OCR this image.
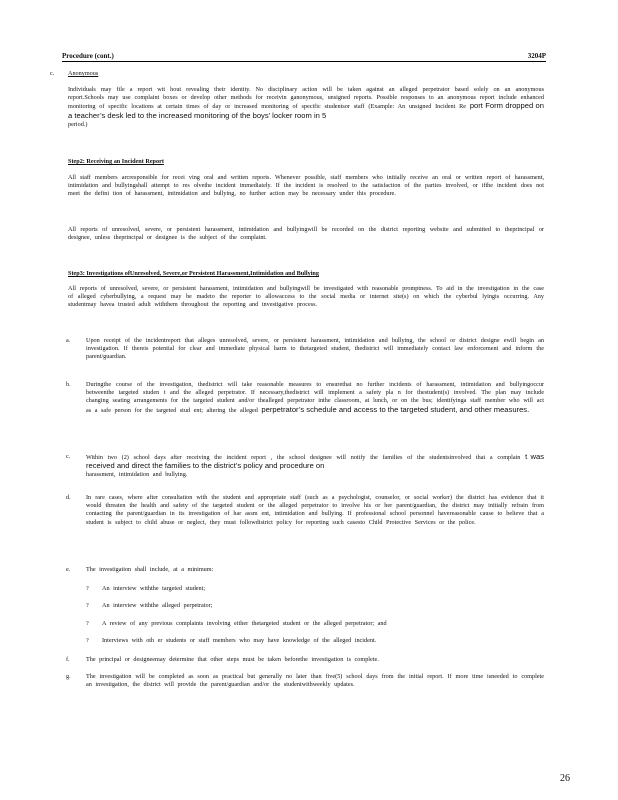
Procedure (cont.)	3204P
c. Anonymous
Individuals may file a report wit hout revealing their identity. No disciplinary action will be taken against an alleged perpetrator based solely on an anonymous report.Schools may use complaint boxes or develop other methods for receivin ganonymous, unsigned reports. Possible responses to an anonymous report include enhanced monitoring of specific locations at certain times of day or increased monitoring of specific studentsor staff (Example: An unsigned Incident Re port Form dropped on a teacher’s desk led to the increased monitoring of the boys’ locker room in 5
period.)
Step2: Receiving an Incident Report
All staff members arcresponsible for recei ving oral and written reports. Whenever possible, staff members who initially receive an oral or written report of harassment, intimidation and bullyingshall attempt to res olvethe incident immediately. If the incident is resolved to the satisfaction of the parties involved, or ifthe incident does not meet the defini tion of harassment, intimidation and bullying, no further action may be necessary under this procedure.
All reports of unresolved, severe, or persistent harassment, intimidation and bullyingwill be recorded on the district reporting website and submitted to theprincipal or designee, unless theprincipal or designee is the subject of the complaint.
Step3: Investigations ofUnresolved, Severe,or Persistent Harassment,Intimidation and Bullying
All reports of unresolved, severe, or persistent harassment, intimidation and bullyingwill be investigated with reasonable promptness. To aid in the investigation in the case of alleged cyberbullying, a request may be madeto the reporter to allowaccess to the social media or internet site(s) on which the cyberbul lyingis occurring. Any studentmay havea trusted adult withthem throughout the reporting and investigative process.
a.	Upon receipt of the incidentreport that alleges unresolved, severe, or persistent harassment, intimidation and bullying, the school or district designe ewill begin an investigation. If thereis potential for clear and immediate physical harm to thetargeted student, thedistrict will immediately contact law enforcement and inform the parent/guardian.
b. Duringthe course of the investigation, thedistrict will take reasonable measures to ensurethat no further incidents of harassment, intimidation and bullyingoccur betweenthe targeted studen t and the alleged perpetrator. If necessary,thedistrict will implement a safety pla n for thestudent(s) involved. The plan may include changing seating arrangements for the targeted student and/or thealleged perpetrator inthe classroom, at lunch, or on the bus; identifyinga staff member who will act as a safe person for the targeted stud ent; altering the alleged perpetrator’s schedule and access to the targeted student, and other measures.
c.	Within two (2) school days after receiving the incident report , the school designee will notify the families of the studentsinvolved that a complain t was received and direct the families to the district’s policy and procedure on
harassment, intimidation and bullying.
d. In rare cases, where after consultation with the student and appropriate staff (such as a psychologist, counselor, or social worker) the district has evidence that it would threaten the health and safety of the targeted student or the alleged perpetrator to involve his or her parent/guardian, the district may initially refrain from contacting the parent/guardian in its investigation of har assm ent, intimidation and bullying. If professional school personnel havereasonable cause to believe that a student is subject to child abuse or neglect, they must followdistrict policy for reporting such casesto Child Protective Services or the police.
e.	The investigation shall include, at a minimum:
? An interview withthe targeted student;
? An interview withthe alleged perpetrator;
? A review of any previous complaints involving either thetargeted student or the alleged perpetrator; and
? Interviews with oth er students or staff members who may have knowledge of the alleged incident.
f.	The principal or designeemay determine that other steps must be taken beforethe investigation is complete.
g. The investigation will be completed as soon as practical but generally no later than five(5) school days from the initial report. If more time isneeded to complete an investigation, the district will provide the parent/guardian and/or the studentwithweekly updates.
26
